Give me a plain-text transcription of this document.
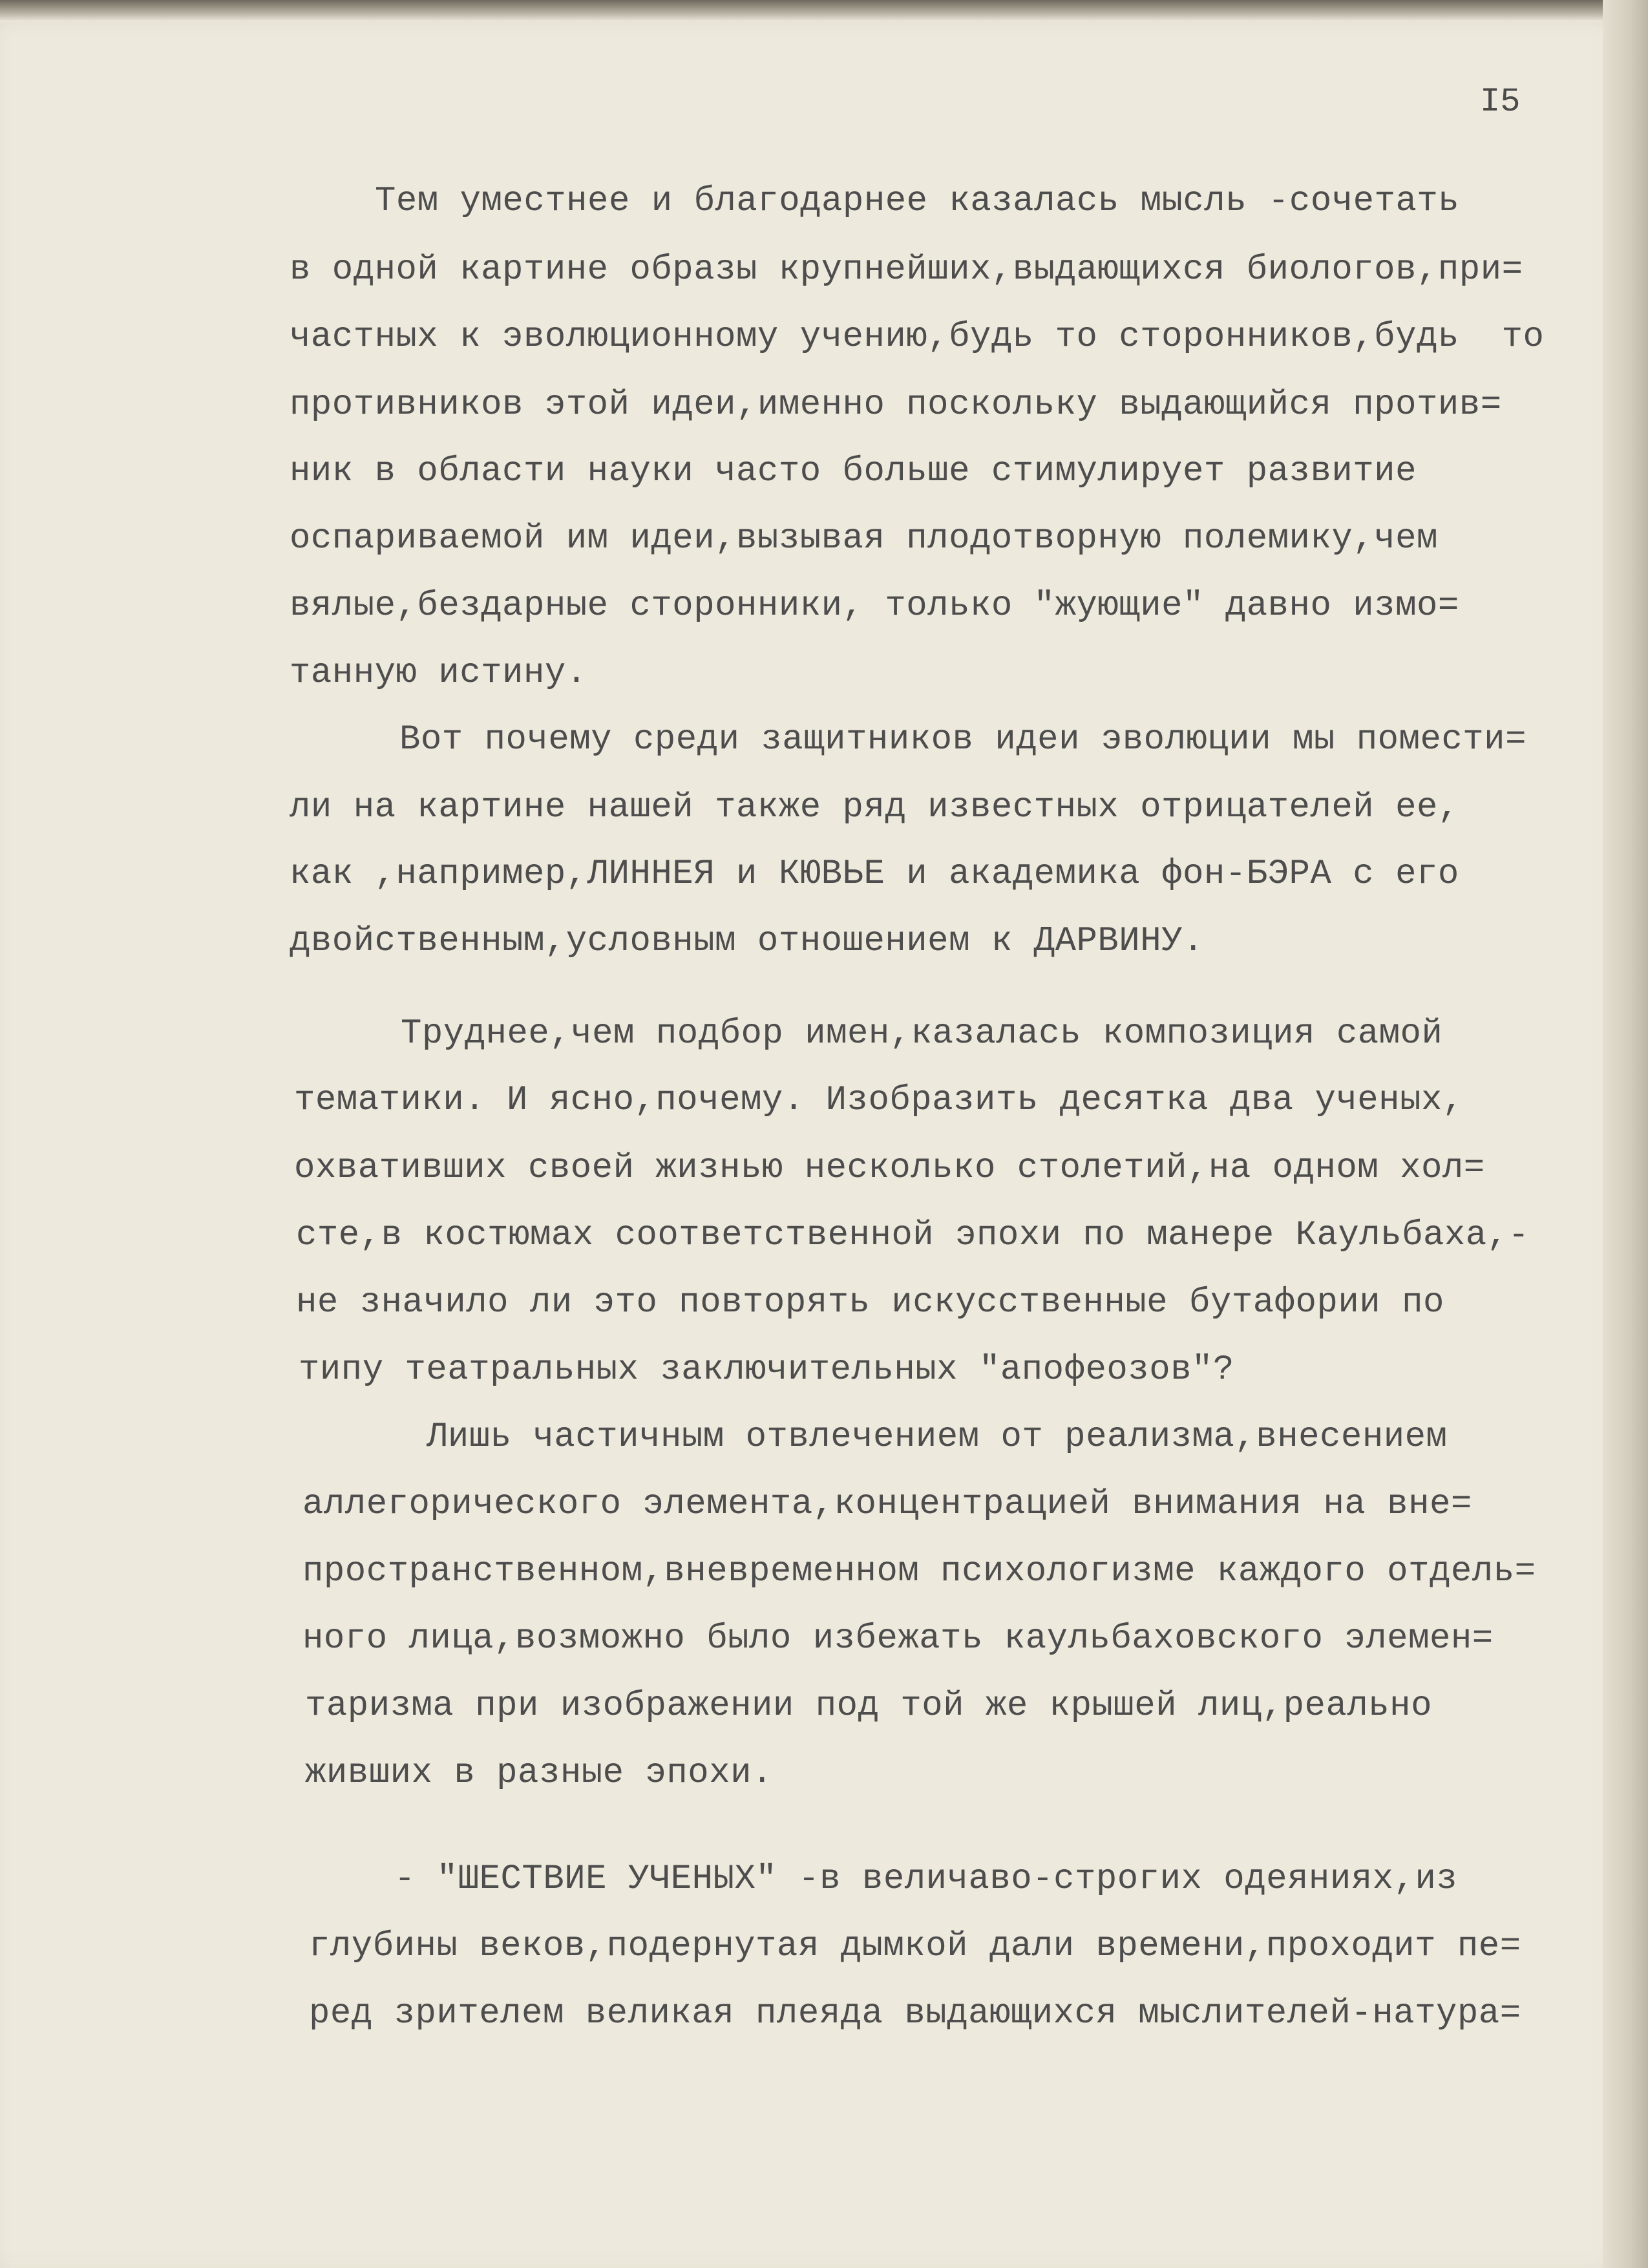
I5
Тем уместнее и благодарнее казалась мысль -сочетать
в одной картине образы крупнейших,выдающихся биологов,при=
частных к эволюционному учению,будь то сторонников,будь  то
противников этой идеи,именно поскольку выдающийся против=
ник в области науки часто больше стимулирует развитие
оспариваемой им идеи,вызывая плодотворную полемику,чем
вялые,бездарные сторонники, только "жующие" давно измо=
танную истину.
Вот почему среди защитников идеи эволюции мы помести=
ли на картине нашей также ряд известных отрицателей ее,
как ,например,ЛИННЕЯ и КЮВЬЕ и академика фон-БЭРА с его
двойственным,условным отношением к ДАРВИНУ.
Труднее,чем подбор имен,казалась композиция самой
тематики. И ясно,почему. Изобразить десятка два ученых,
охвативших своей жизнью несколько столетий,на одном хол=
сте,в костюмах соответственной эпохи по манере Каульбаха,-
не значило ли это повторять искусственные бутафории по
типу театральных заключительных "апофеозов"?
Лишь частичным отвлечением от реализма,внесением
аллегорического элемента,концентрацией внимания на вне=
пространственном,вневременном психологизме каждого отдель=
ного лица,возможно было избежать каульбаховского элемен=
таризма при изображении под той же крышей лиц,реально
живших в разные эпохи.
- "ШЕСТВИЕ УЧЕНЫХ" -в величаво-строгих одеяниях,из
глубины веков,подернутая дымкой дали времени,проходит пе=
ред зрителем великая плеяда выдающихся мыслителей-натура=
